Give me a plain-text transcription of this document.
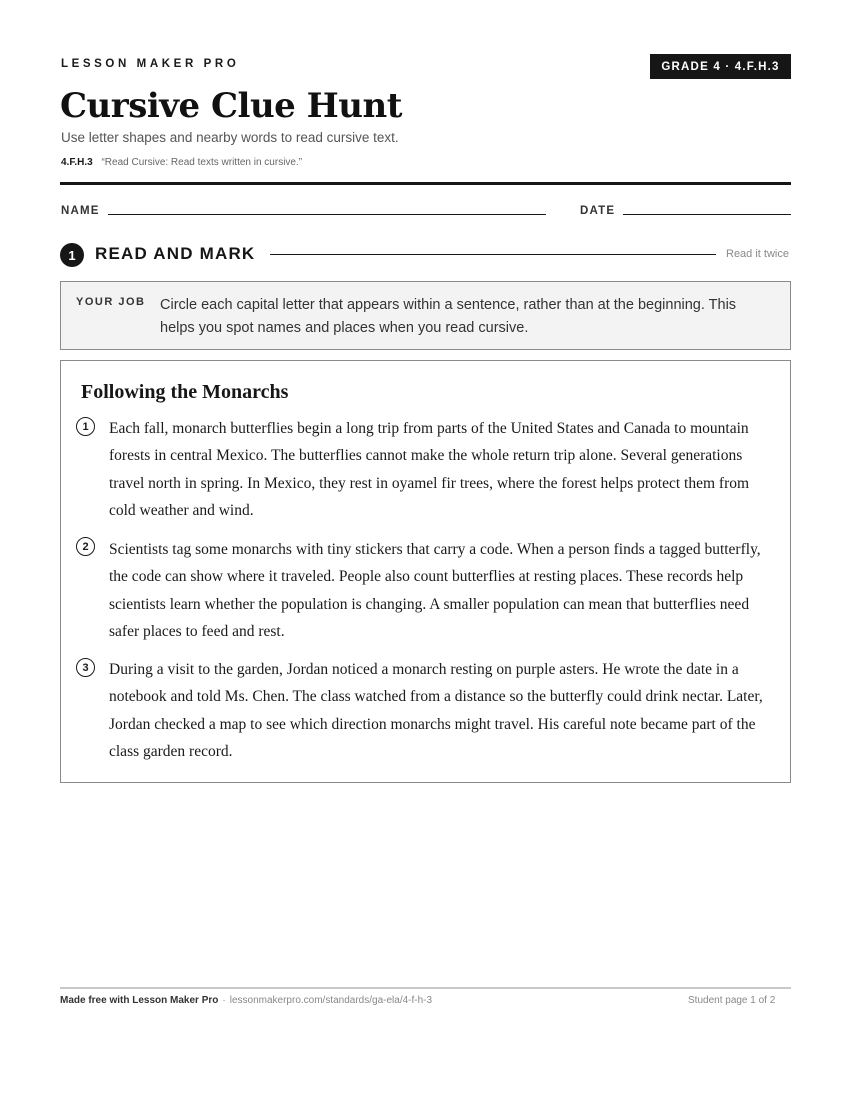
LESSON MAKER PRO	GRADE 4 · 4.F.H.3
Cursive Clue Hunt
Use letter shapes and nearby words to read cursive text.
4.F.H.3 “Read Cursive: Read texts written in cursive.”
NAME	DATE
1	READ AND MARK	Read it twice
YOUR JOB Circle each capital letter that appears within a sentence, rather than at the beginning. This helps you spot names and places when you read cursive.
Following the Monarchs
1	Each fall, monarch butterflies begin a long trip from parts of the United States and Canada to mountain forests in central Mexico. The butterflies cannot make the whole return trip alone. Several generations travel north in spring. In Mexico, they rest in oyamel fir trees, where the forest helps protect them from cold weather and wind.

2	Scientists tag some monarchs with tiny stickers that carry a code. When a person finds a tagged butterfly, the code can show where it traveled. People also count butterflies at resting places. These records help scientists learn whether the population is changing. A smaller population can mean that butterflies need safer places to feed and rest.

3	During a visit to the garden, Jordan noticed a monarch resting on purple asters. He wrote the date in a notebook and told Ms. Chen. The class watched from a distance so the butterfly could drink nectar. Later, Jordan checked a map to see which direction monarchs might travel. His careful note became part of the class garden record.

Made free with Lesson Maker Pro · lessonmakerpro.com/standards/ga-ela/4-f-h-3	Student page 1 of 2
